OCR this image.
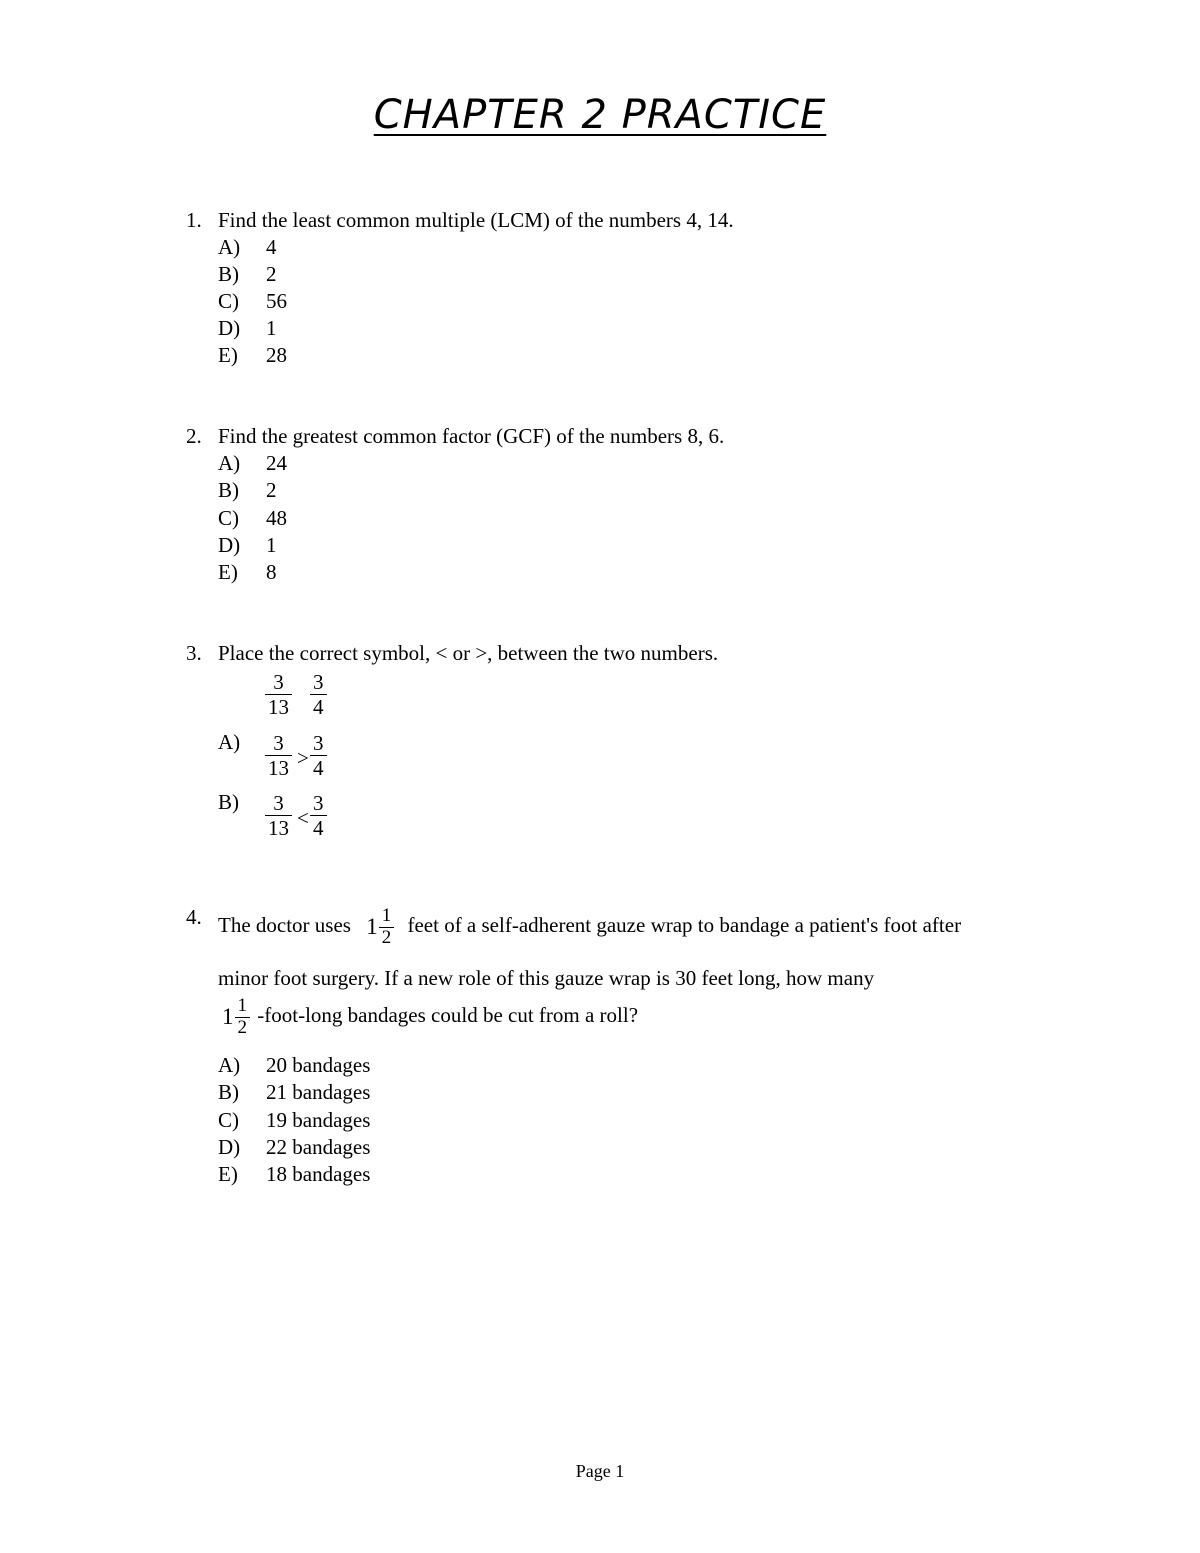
CHAPTER 2 PRACTICE
1. Find the least common multiple (LCM) of the numbers 4, 14.
A) 4
B) 2
C) 56
D) 1
E) 28
2. Find the greatest common factor (GCF) of the numbers 8, 6.
A) 24
B) 2
C) 48
D) 1
E) 8
3. Place the correct symbol, < or >, between the two numbers.
$\frac{3}{13} \frac{3}{4}$
$A) \frac{3}{13} > \frac{3}{4}$
$B) \frac{3}{13} < \frac{3}{4}$
4. The doctor uses $1 \frac{1}{2}$ feet of a self-adherent gauze wrap to bandage a patient's foot after
minor foot surgery. If a new role of this gauze wrap is 30 feet long, how many
$1 \frac{1}{2}$ -foot-long bandages could be cut from a roll?
A) 20 bandages
B) 21 bandages
C) 19 bandages
D) 22 bandages
E) 18 bandages
Page 1
